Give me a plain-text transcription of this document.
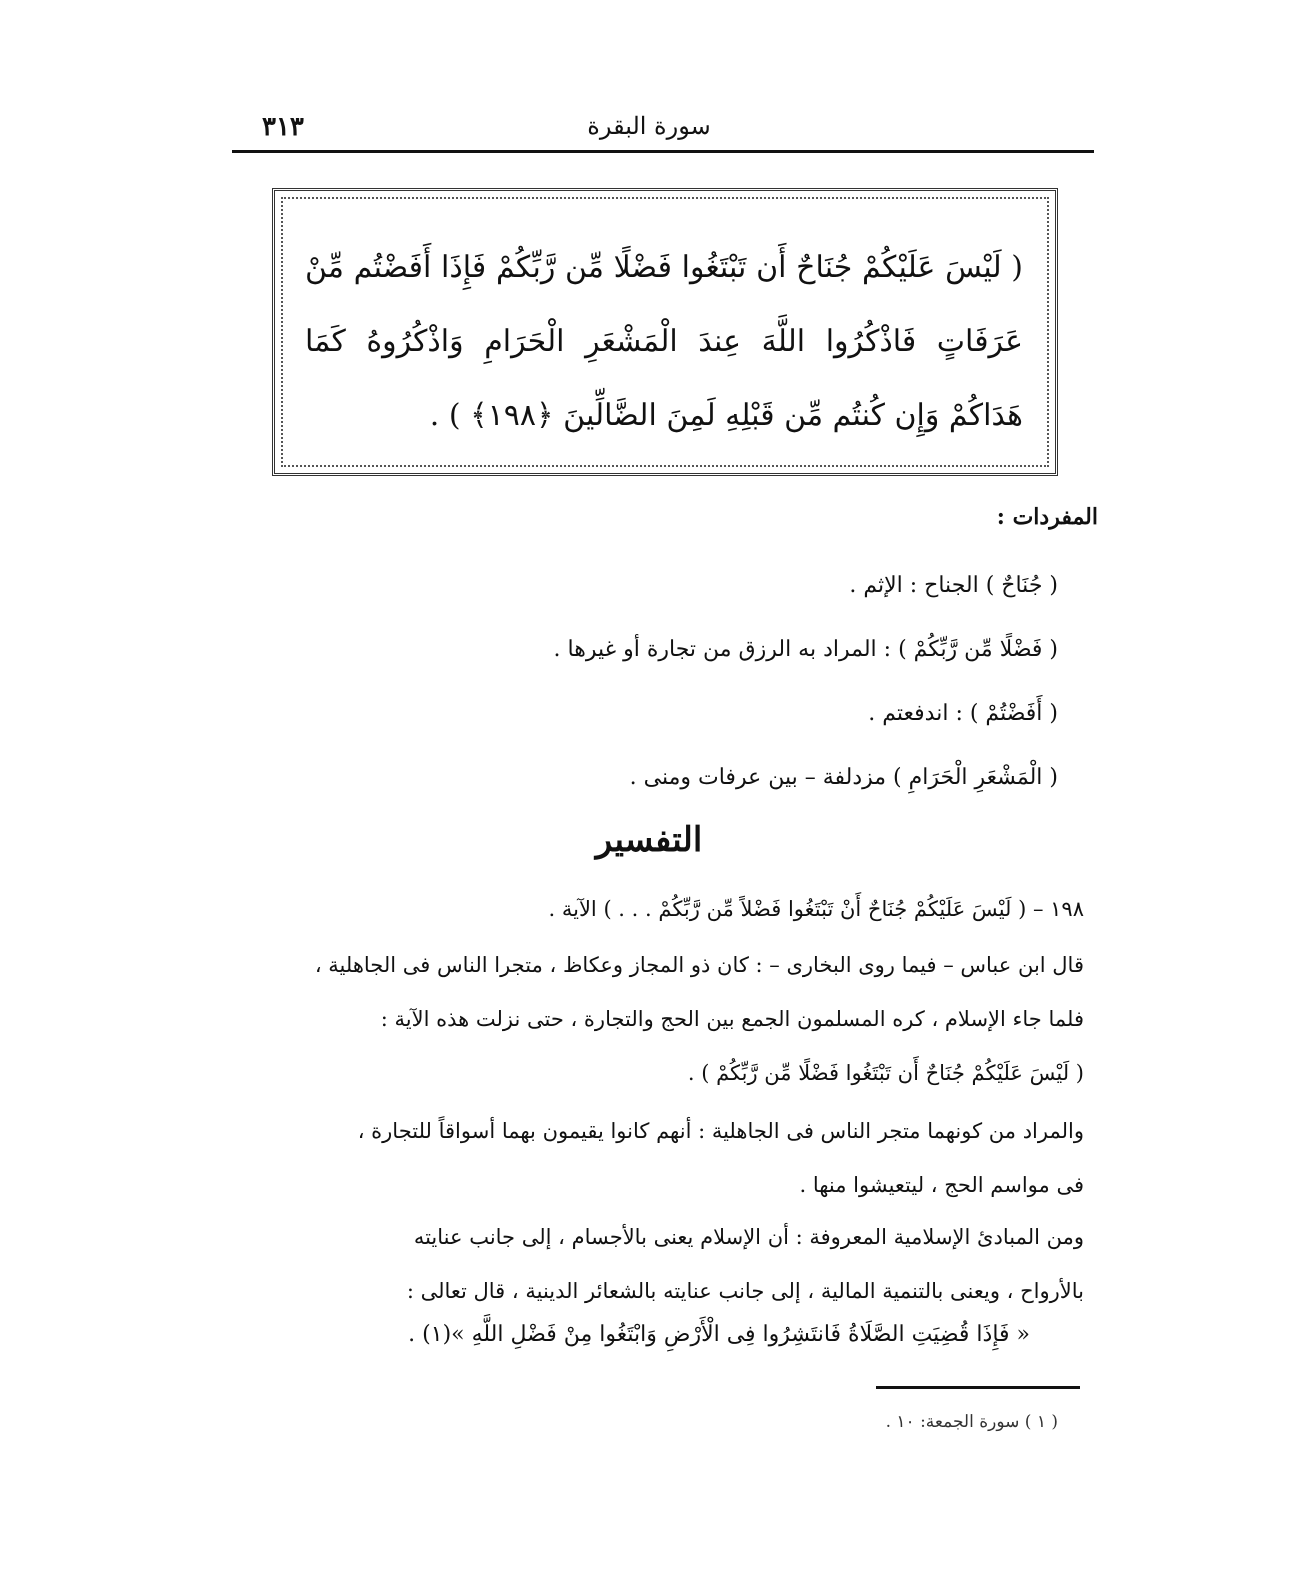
٣١٣	سورة البقرة
( لَيْسَ عَلَيْكُمْ جُنَاحٌ أَن تَبْتَغُوا فَضْلًا مِّن رَّبِّكُمْ فَإِذَا أَفَضْتُم مِّنْ عَرَفَاتٍ فَاذْكُرُوا اللَّهَ عِندَ الْمَشْعَرِ الْحَرَامِ وَاذْكُرُوهُ كَمَا هَدَاكُمْ وَإِن كُنتُم مِّن قَبْلِهِ لَمِنَ الضَّالِّينَ ﴿١٩٨﴾ ) .
المفردات :
( جُنَاحٌ ) الجناح : الإثم .
( فَضْلًا مِّن رَّبِّكُمْ ) : المراد به الرزق من تجارة أو غيرها .
( أَفَضْتُمْ ) : اندفعتم .
( الْمَشْعَرِ الْحَرَامِ ) مزدلفة – بين عرفات ومنى .
التفسير
١٩٨ – ( لَيْسَ عَلَيْكُمْ جُنَاحٌ أَنْ تَبْتَغُوا فَضْلاً مِّن رَّبِّكُمْ . . . ) الآية .
قال ابن عباس – فيما روى البخارى – : كان ذو المجاز وعكاظ ، متجرا الناس فى الجاهلية ،
فلما جاء الإسلام ، كره المسلمون الجمع بين الحج والتجارة ، حتى نزلت هذه الآية :
( لَيْسَ عَلَيْكُمْ جُنَاحٌ أَن تَبْتَغُوا فَضْلًا مِّن رَّبِّكُمْ ) .
والمراد من كونهما متجر الناس فى الجاهلية : أنهم كانوا يقيمون بهما أسواقاً للتجارة ،
فى مواسم الحج ، ليتعيشوا منها .
ومن المبادئ الإسلامية المعروفة : أن الإسلام يعنى بالأجسام ، إلى جانب عنايته
بالأرواح ، ويعنى بالتنمية المالية ، إلى جانب عنايته بالشعائر الدينية ، قال تعالى :
« فَإِذَا قُضِيَتِ الصَّلَاةُ فَانتَشِرُوا فِى الْأَرْضِ وَابْتَغُوا مِنْ فَضْلِ اللَّهِ »(١) .
( ١ ) سورة الجمعة: ١٠ .
